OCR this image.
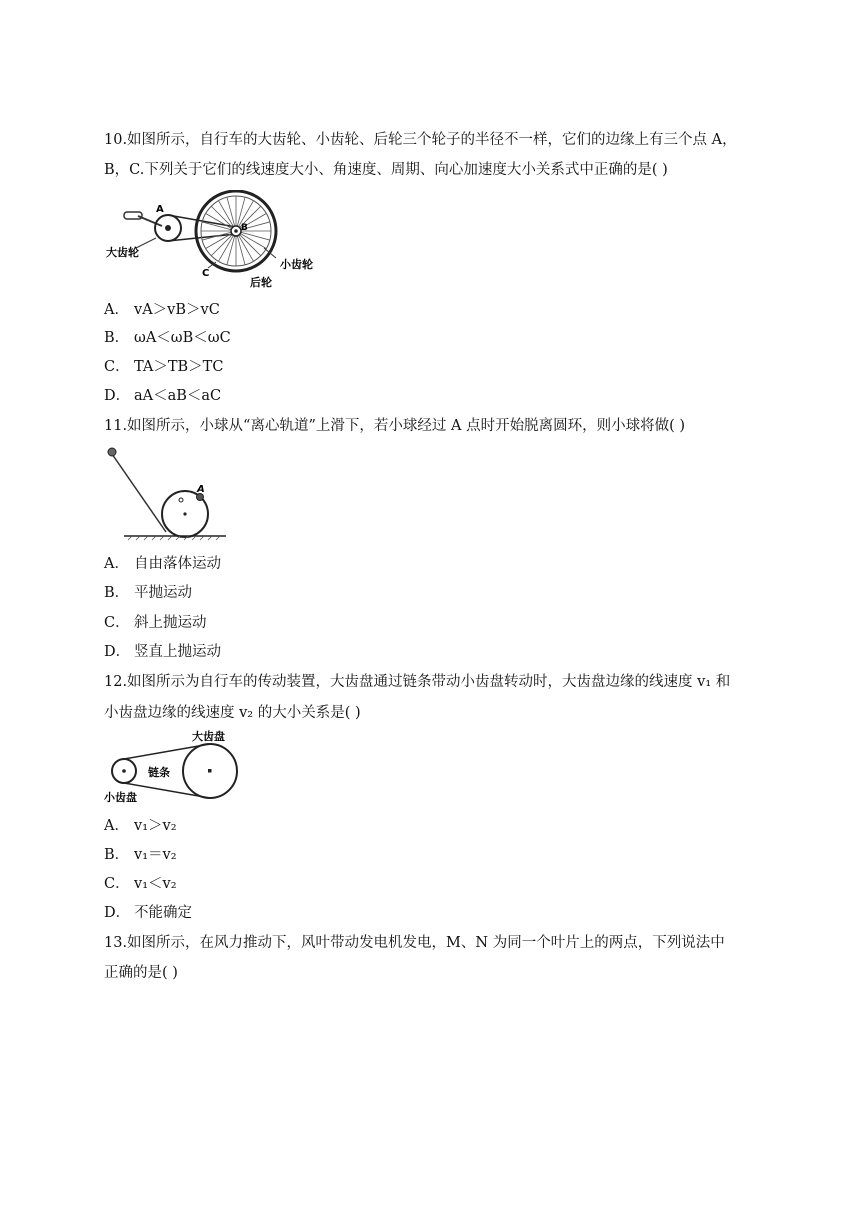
10.如图所示，自行车的大齿轮、小齿轮、后轮三个轮子的半径不一样，它们的边缘上有三个点 A，
B，C.下列关于它们的线速度大小、角速度、周期、向心加速度大小关系式中正确的是( )
A
B
C
大齿轮
小齿轮
后轮
A． vA＞vB＞vC
B． ωA＜ωB＜ωC
C． TA＞TB＞TC
D． aA＜aB＜aC
11.如图所示，小球从“离心轨道”上滑下，若小球经过 A 点时开始脱离圆环，则小球将做( )
A
A． 自由落体运动
B． 平抛运动
C． 斜上抛运动
D． 竖直上抛运动
12.如图所示为自行车的传动装置，大齿盘通过链条带动小齿盘转动时，大齿盘边缘的线速度 v₁ 和
小齿盘边缘的线速度 v₂ 的大小关系是( )
大齿盘
链条
小齿盘
A． v₁＞v₂
B． v₁＝v₂
C． v₁＜v₂
D． 不能确定
13.如图所示，在风力推动下，风叶带动发电机发电，M、N 为同一个叶片上的两点，下列说法中
正确的是( )
